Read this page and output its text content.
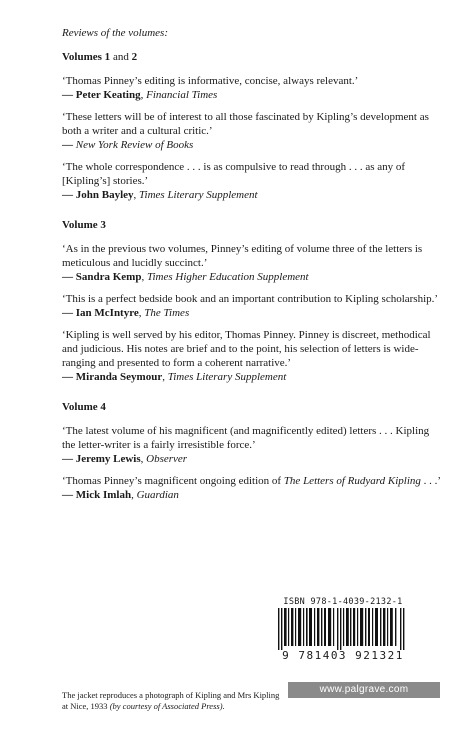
Reviews of the volumes:

Volumes 1 and 2

‘Thomas Pinney’s editing is informative, concise, always relevant.’
— Peter Keating, Financial Times
‘These letters will be of interest to all those fascinated by Kipling’s development as both a writer and a cultural critic.’
— New York Review of Books
‘The whole correspondence . . . is as compulsive to read through . . . as any of [Kipling’s] stories.’
— John Bayley, Times Literary Supplement

Volume 3

‘As in the previous two volumes, Pinney’s editing of volume three of the letters is meticulous and lucidly succinct.’
— Sandra Kemp, Times Higher Education Supplement
‘This is a perfect bedside book and an important contribution to Kipling scholarship.’
— Ian McIntyre, The Times
‘Kipling is well served by his editor, Thomas Pinney. Pinney is discreet, methodical and judicious. His notes are brief and to the point, his selection of letters is wide-ranging and presented to form a coherent narrative.’
— Miranda Seymour, Times Literary Supplement

Volume 4

‘The latest volume of his magnificent (and magnificently edited) letters . . . Kipling the letter-writer is a fairly irresistible force.’
— Jeremy Lewis, Observer
‘Thomas Pinney’s magnificent ongoing edition of The Letters of Rudyard Kipling . . .’
— Mick Imlah, Guardian
ISBN 978-1-4039-2132-1
9 781403 921321

The jacket reproduces a photograph of Kipling and Mrs Kipling at Nice, 1933 (by courtesy of Associated Press).

www.palgrave.com
